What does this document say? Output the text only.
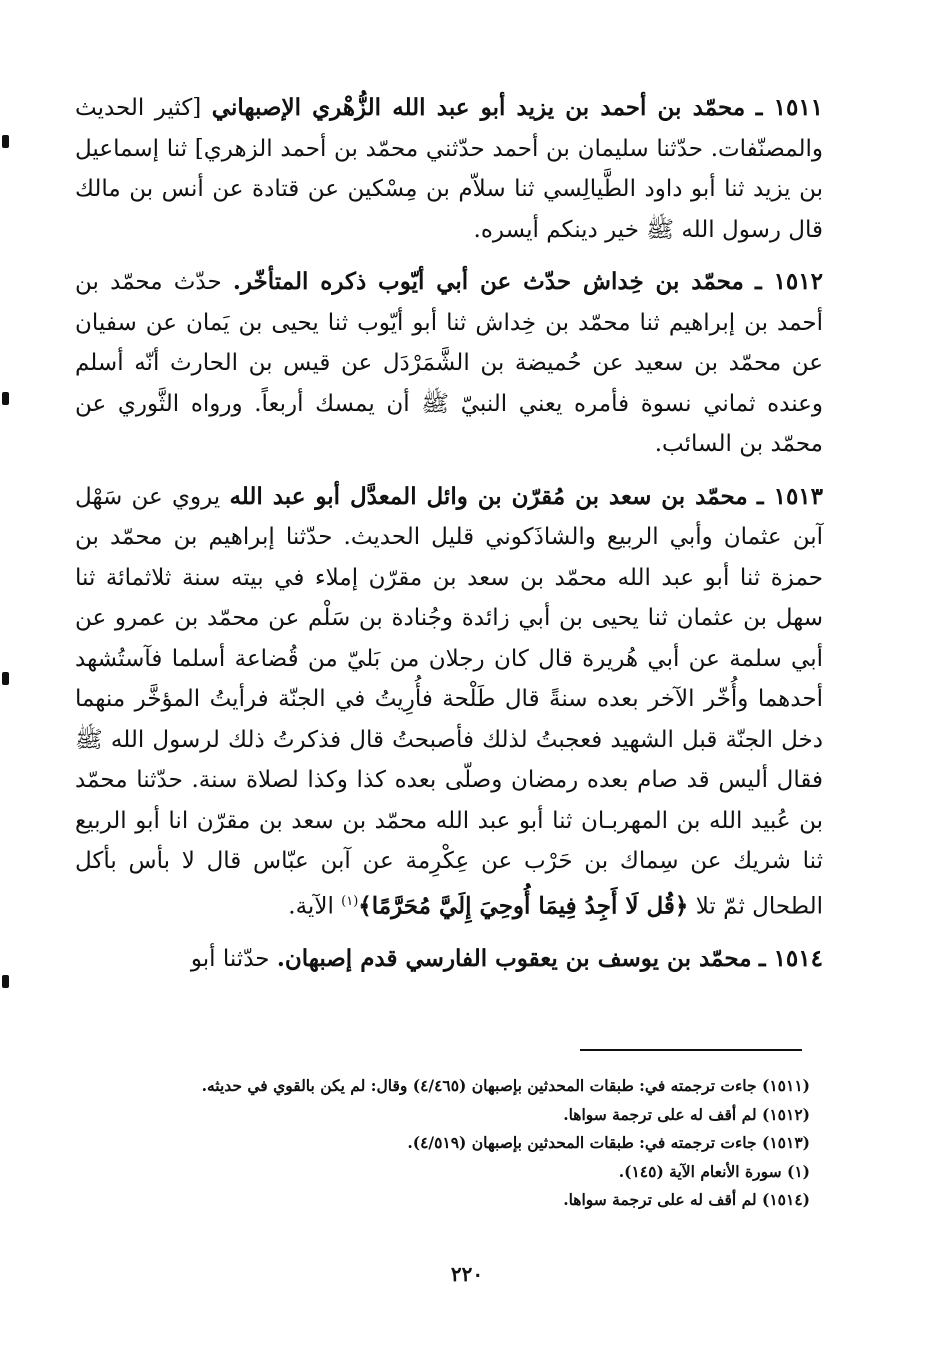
١٥١١ ـ محمّد بن أحمد بن يزيد أبو عبد الله الزُّهْري الإصبهاني [كثير الحديث والمصنّفات. حدّثنا سليمان بن أحمد حدّثني محمّد بن أحمد الزهري] ثنا إسماعيل بن يزيد ثنا أبو داود الطَّيالِسي ثنا سلاّم بن مِسْكين عن قتادة عن أنس بن مالك قال رسول الله ﷺ خير دينكم أيسره.

١٥١٢ ـ محمّد بن خِداش حدّث عن أبي أيّوب ذكره المتأخّر. حدّث محمّد بن أحمد بن إبراهيم ثنا محمّد بن خِداش ثنا أبو أيّوب ثنا يحيى بن يَمان عن سفيان عن محمّد بن سعيد عن حُميضة بن الشَّمَرْدَل عن قيس بن الحارث أنّه أسلم وعنده ثماني نسوة فأمره يعني النبيّ ﷺ أن يمسك أربعاً. ورواه الثَّوري عن محمّد بن السائب.

١٥١٣ ـ محمّد بن سعد بن مُقرّن بن وائل المعدَّل أبو عبد الله يروي عن سَهْل آبن عثمان وأبي الربيع والشاذَكوني قليل الحديث. حدّثنا إبراهيم بن محمّد بن حمزة ثنا أبو عبد الله محمّد بن سعد بن مقرّن إملاء في بيته سنة ثلاثمائة ثنا سهل بن عثمان ثنا يحيى بن أبي زائدة وجُنادة بن سَلْم عن محمّد بن عمرو عن أبي سلمة عن أبي هُريرة قال كان رجلان من بَليّ من قُضاعة أسلما فآستُشهد أحدهما وأُخّر الآخر بعده سنةً قال طَلْحة فأُرِيتُ في الجنّة فرأيتُ المؤخَّر منهما دخل الجنّة قبل الشهيد فعجبتُ لذلك فأصبحتُ قال فذكرتُ ذلك لرسول الله ﷺ فقال أليس قد صام بعده رمضان وصلّى بعده كذا وكذا لصلاة سنة. حدّثنا محمّد بن عُبيد الله بن المهربـان ثنا أبو عبد الله محمّد بن سعد بن مقرّن انا أبو الربيع ثنا شريك عن سِماك بن حَرْب عن عِكْرِمة عن آبن عبّاس قال لا بأس بأكل الطحال ثمّ تلا ﴿قُل لَا أَجِدُ فِيمَا أُوحِيَ إِلَيَّ مُحَرَّمًا﴾$^{(١)}$ الآية.

١٥١٤ ـ محمّد بن يوسف بن يعقوب الفارسي قدم إصبهان. حدّثنا أبو

(١٥١١) جاءت ترجمته في: طبقات المحدثين بإصبهان (٤/٤٦٥) وقال: لم يكن بالقوي في حديثه.
(١٥١٢) لم أقف له على ترجمة سواها.
(١٥١٣) جاءت ترجمته في: طبقات المحدثين بإصبهان (٤/٥١٩).
(١) سورة الأنعام الآية (١٤٥).
(١٥١٤) لم أقف له على ترجمة سواها.
٢٢٠
